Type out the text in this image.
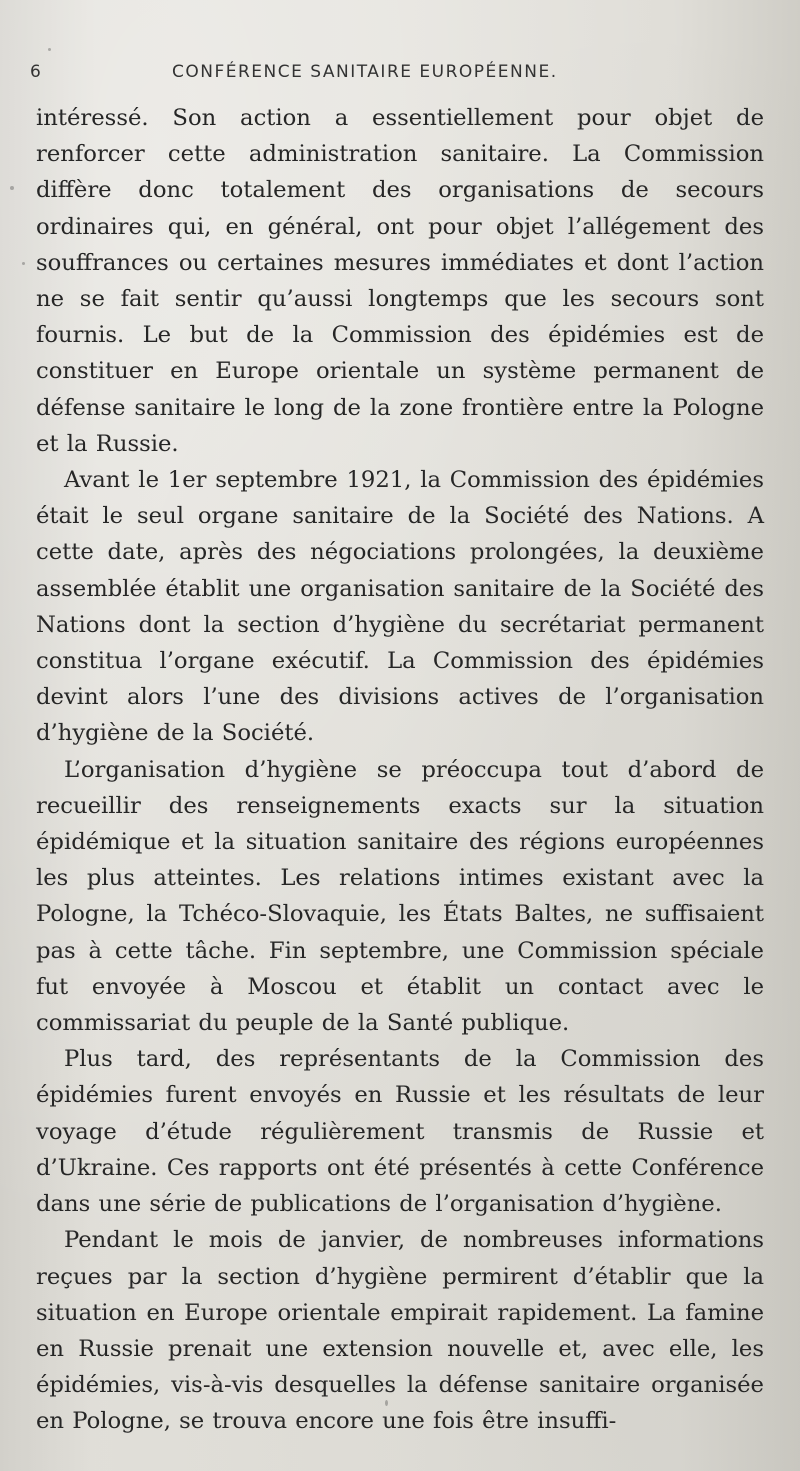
6	CONFÉRENCE SANITAIRE EUROPÉENNE.

intéressé. Son action a essentiellement pour objet de renforcer cette administration sanitaire. La Commission diffère donc totalement des organisations de secours ordinaires qui, en général, ont pour objet l’allégement des souffrances ou certaines mesures immédiates et dont l’action ne se fait sentir qu’aussi longtemps que les secours sont fournis. Le but de la Commission des épidémies est de constituer en Europe orientale un système permanent de défense sanitaire le long de la zone frontière entre la Pologne et la Russie.

Avant le 1er septembre 1921, la Commission des épidémies était le seul organe sanitaire de la Société des Nations. A cette date, après des négociations prolongées, la deuxième assemblée établit une organisation sanitaire de la Société des Nations dont la section d’hygiène du secrétariat permanent constitua l’organe exécutif. La Commission des épidémies devint alors l’une des divisions actives de l’organisation d’hygiène de la Société.

L’organisation d’hygiène se préoccupa tout d’abord de recueillir des renseignements exacts sur la situation épidémique et la situation sanitaire des régions européennes les plus atteintes. Les relations intimes existant avec la Pologne, la Tchéco-Slovaquie, les États Baltes, ne suffisaient pas à cette tâche. Fin septembre, une Commission spéciale fut envoyée à Moscou et établit un contact avec le commissariat du peuple de la Santé publique.

Plus tard, des représentants de la Commission des épidémies furent envoyés en Russie et les résultats de leur voyage d’étude régulièrement transmis de Russie et d’Ukraine. Ces rapports ont été présentés à cette Conférence dans une série de publications de l’organisation d’hygiène.

Pendant le mois de janvier, de nombreuses informations reçues par la section d’hygiène permirent d’établir que la situation en Europe orientale empirait rapidement. La famine en Russie prenait une extension nouvelle et, avec elle, les épidémies, vis-à-vis desquelles la défense sanitaire organisée en Pologne, se trouva encore une fois être insuffi-
